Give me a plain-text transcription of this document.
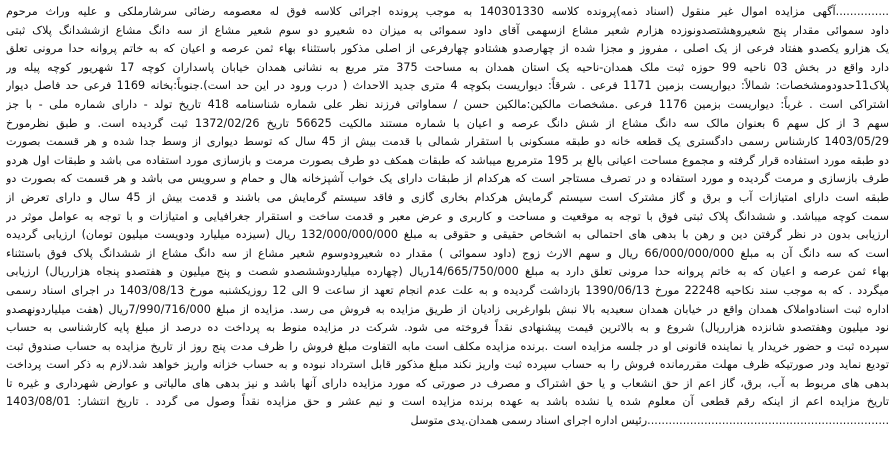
...............آگهی مزایده اموال غیر منقول (اسناد ذمه)پرونده کلاسه 140301330 به موجب پرونده اجرائی کلاسه فوق له معصومه رضائی سرشارملکی و علیه وراث مرحوم
داود سموائی مقدار پنج شعیروهشتصدونوزده هزارم شعیر مشاع ازسهمی آقای داود سموائی به میزان ده شعیرو دو سوم شعیر مشاع از سه دانگ مشاع ازششدانگ پلاک ثبتی
یک هزارو یکصدو هفتاد فرعی از یک اصلی ، مفروز و مجزا شده از چهارصدو هشتادو چهارفرعی از اصلی مذکور باستثناء بهاء ثمن عرصه و اعیان که به خاتم پروانه حدا مرونی تعلق
دارد واقع در بخش 03 ناحیه 99 حوزه ثبت ملک همدان-ناحیه یک استان همدان به مساحت 375 متر مربع به نشانی همدان خیابان پاسداران کوچه 17 شهریور کوچه پیله ور
پلاک11حدودومشخصات: شمالاً: دیواریست بزمین 1171 فرعی . شرقاً: دیواریست بکوچه 4 متری جدید الاحداث ( درب ورود در این حد است).جنوباً:بخانه 1169 فرعی حد فاصل دیوار
اشتراکی است . غرباً: دیواریست بزمین 1176 فرعی .مشخصات مالکین:مالکین حسن / سماواتی فرزند نظر علی شماره شناسنامه 418 تاریخ تولد - دارای شماره ملی - با جز
سهم 3 از کل سهم 6 بعنوان مالک سه دانگ مشاع از شش دانگ عرصه و اعیان با شماره مستند مالکیت 56625 تاریخ 1372/02/26 ثبت گردیده است. و طبق نظرمورخ
1403/05/29 کارشناس رسمی دادگستری یک قطعه خانه دو طبقه مسکونی با استقرار شمالی با قدمت بیش از 45 سال که توسط دیواری از وسط جدا شده و هر قسمت بصورت
دو طبقه مورد استفاده قرار گرفته و مجموع مساحت اعیانی بالغ بر 195 مترمربع میباشد که طبقات همکف دو طرف بصورت مرمت و بازسازی مورد استفاده می باشد و طبقات اول هردو
طرف بازسازی و مرمت گردیده و مورد استفاده و در تصرف مستاجر است که هرکدام از طبقات دارای یک خواب آشپزخانه هال و حمام و سرویس می باشد و هر قسمت که بصورت دو
طبقه است دارای امتیازات آب و برق و گاز مشترک است سیستم گرمایش هرکدام بخاری گازی و فاقد سیستم گرمایش می باشند و قدمت بیش از 45 سال و دارای تعرض از
سمت کوچه میباشد. و ششدانگ پلاک ثبتی فوق با توجه به موقعیت و مساحت و کاربری و عرض معبر و قدمت ساخت و استقرار جغرافیایی و امتیازات و با توجه به عوامل موثر در
ارزیابی بدون در نظر گرفتن دین و رهن با بدهی های احتمالی به اشخاص حقیقی و حقوقی به مبلغ 132/000/000/000 ریال (سیزده میلیارد ودویست میلیون تومان) ارزیابی گردیده
است که سه دانگ آن به مبلغ 66/000/000/000 ریال و سهم الارث زوج (داود سموائی ) مقدار ده شعیرودوسوم شعیر مشاع از سه دانگ مشاع از ششدانگ پلاک فوق باستثناء
بهاء ثمن عرصه و اعیان که به خاتم پروانه حدا مرونی تعلق دارد به مبلغ 14/665/750/000ریال (چهارده میلیاردوششصدو شصت و پنج میلیون و هفتصدو پنجاه هزارریال) ارزیابی
میگردد . که به موجب سند نکاحیه 22248 مورخ 1390/06/13 بازداشت گردیده و به علت عدم انجام تعهد از ساعت 9 الی 12 روزیکشنبه مورخ 1403/08/13 در اجرای اسناد رسمی
اداره ثبت اسنادواملاک همدان واقع در خیابان همدان سعیدیه بالا نبش بلوارغربی زادیان از طریق مزایده به فروش می رسد. مزایده از مبلغ 7/990/716/000ریال (هفت میلیاردونهصدو
نود میلیون وهفتصدو شانزده هزارریال) شروع و به بالاترین قیمت پیشنهادی نقداً فروخته می شود. شرکت در مزایده منوط به پرداخت ده درصد از مبلغ پایه کارشناسی به حساب
سپرده ثبت و حضور خریدار یا نماینده قانونی او در جلسه مزایده است .برنده مزایده مکلف است مابه التفاوت مبلغ فروش را ظرف مدت پنج روز از تاریخ مزایده به حساب صندوق ثبت
تودیع نماید ودر صورتیکه ظرف مهلت مقررمانده فروش را به حساب سپرده ثبت واریز نکند مبلغ مذکور قابل استرداد نبوده و به حساب خزانه واریز خواهد شد.لازم به ذکر است پرداخت
بدهی های مربوط به آب، برق، گاز اعم از حق انشعاب و یا حق اشتراک و مصرف در صورتی که مورد مزایده دارای آنها باشد و نیز بدهی های مالیاتی و عوارض شهرداری و غیره تا
تاریخ مزایده اعم از اینکه رقم قطعی آن معلوم شده یا نشده باشد به عهده برنده مزایده است و نیم عشر و حق مزایده نقداً وصول می گردد . تاریخ انتشار: 1403/08/01
....................................................................رئیس اداره اجرای اسناد رسمی همدان.یدی متوسل
